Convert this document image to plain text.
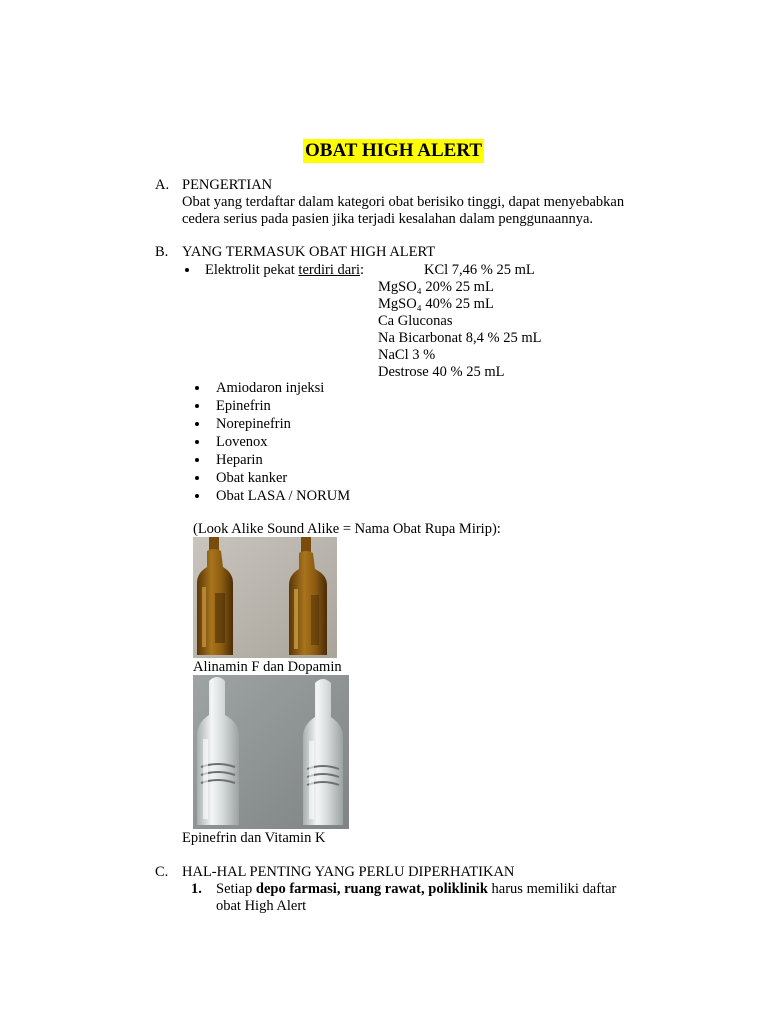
OBAT HIGH ALERT
A. PENGERTIAN
Obat yang terdaftar dalam kategori obat berisiko tinggi, dapat menyebabkan
cedera serius pada pasien jika terjadi kesalahan dalam penggunaannya.
B. YANG TERMASUK OBAT HIGH ALERT
Elektrolit pekat terdiri dari:	KCl 7,46 % 25 mL
MgSO₄ 20% 25 mL
MgSO₄ 40% 25 mL
Ca Gluconas
Na Bicarbonat 8,4 % 25 mL
NaCl 3 %
Destrose 40 % 25 mL
Amiodaron injeksi
Epinefrin
Norepinefrin
Lovenox
Heparin
Obat kanker
Obat LASA / NORUM
(Look Alike Sound Alike = Nama Obat Rupa Mirip):
Alinamin F dan Dopamin
Epinefrin dan Vitamin K
C. HAL-HAL PENTING YANG PERLU DIPERHATIKAN
1. Setiap depo farmasi, ruang rawat, poliklinik harus memiliki daftar
obat High Alert
